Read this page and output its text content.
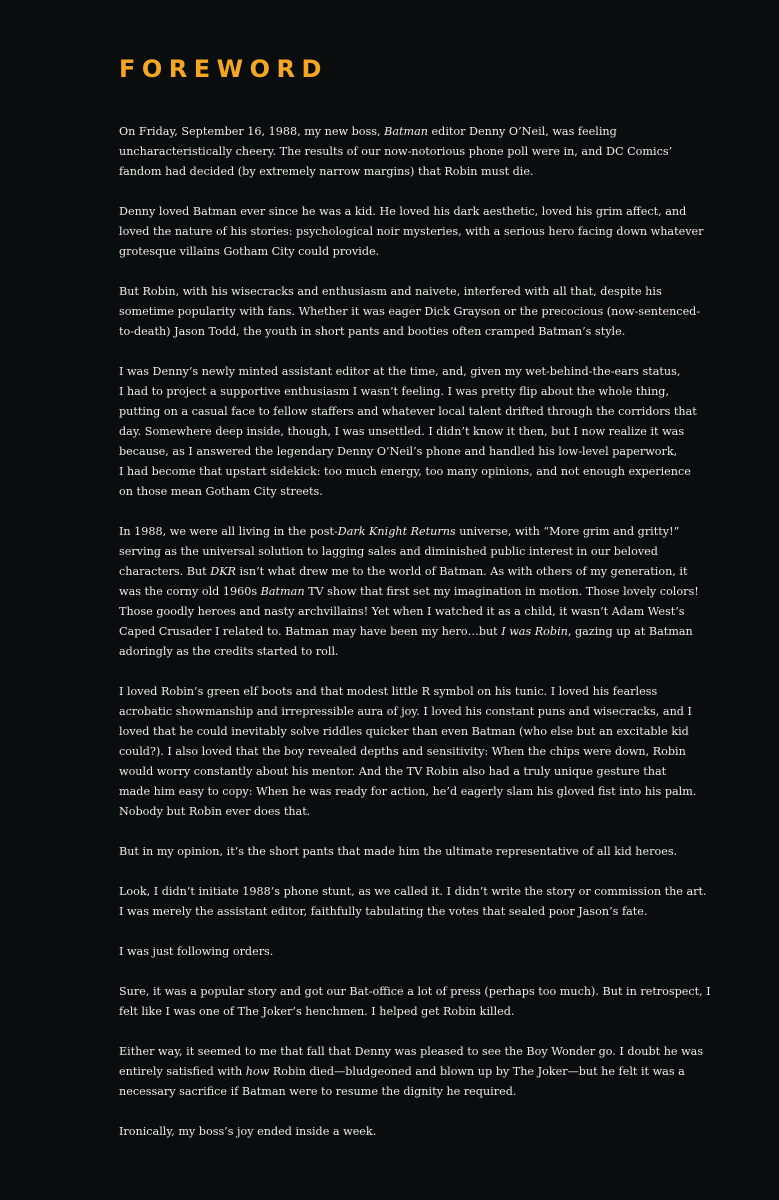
FOREWORD

On Friday, September 16, 1988, my new boss, Batman editor Denny O’Neil, was feeling
uncharacteristically cheery. The results of our now-notorious phone poll were in, and DC Comics’
fandom had decided (by extremely narrow margins) that Robin must die.

Denny loved Batman ever since he was a kid. He loved his dark aesthetic, loved his grim affect, and
loved the nature of his stories: psychological noir mysteries, with a serious hero facing down whatever
grotesque villains Gotham City could provide.

But Robin, with his wisecracks and enthusiasm and naivete, interfered with all that, despite his
sometime popularity with fans. Whether it was eager Dick Grayson or the precocious (now-sentenced-
to-death) Jason Todd, the youth in short pants and booties often cramped Batman’s style.

I was Denny’s newly minted assistant editor at the time, and, given my wet-behind-the-ears status,
I had to project a supportive enthusiasm I wasn’t feeling. I was pretty flip about the whole thing,
putting on a casual face to fellow staffers and whatever local talent drifted through the corridors that
day. Somewhere deep inside, though, I was unsettled. I didn’t know it then, but I now realize it was
because, as I answered the legendary Denny O’Neil’s phone and handled his low-level paperwork,
I had become that upstart sidekick: too much energy, too many opinions, and not enough experience
on those mean Gotham City streets.

In 1988, we were all living in the post-Dark Knight Returns universe, with “More grim and gritty!”
serving as the universal solution to lagging sales and diminished public interest in our beloved
characters. But DKR isn’t what drew me to the world of Batman. As with others of my generation, it
was the corny old 1960s Batman TV show that first set my imagination in motion. Those lovely colors!
Those goodly heroes and nasty archvillains! Yet when I watched it as a child, it wasn’t Adam West’s
Caped Crusader I related to. Batman may have been my hero…but I was Robin, gazing up at Batman
adoringly as the credits started to roll.

I loved Robin’s green elf boots and that modest little R symbol on his tunic. I loved his fearless
acrobatic showmanship and irrepressible aura of joy. I loved his constant puns and wisecracks, and I
loved that he could inevitably solve riddles quicker than even Batman (who else but an excitable kid
could?). I also loved that the boy revealed depths and sensitivity: When the chips were down, Robin
would worry constantly about his mentor. And the TV Robin also had a truly unique gesture that
made him easy to copy: When he was ready for action, he’d eagerly slam his gloved fist into his palm.
Nobody but Robin ever does that.

But in my opinion, it’s the short pants that made him the ultimate representative of all kid heroes.

Look, I didn’t initiate 1988’s phone stunt, as we called it. I didn’t write the story or commission the art.
I was merely the assistant editor, faithfully tabulating the votes that sealed poor Jason’s fate.

I was just following orders.

Sure, it was a popular story and got our Bat-office a lot of press (perhaps too much). But in retrospect, I
felt like I was one of The Joker’s henchmen. I helped get Robin killed.

Either way, it seemed to me that fall that Denny was pleased to see the Boy Wonder go. I doubt he was
entirely satisfied with how Robin died—bludgeoned and blown up by The Joker—but he felt it was a
necessary sacrifice if Batman were to resume the dignity he required.

Ironically, my boss’s joy ended inside a week.
